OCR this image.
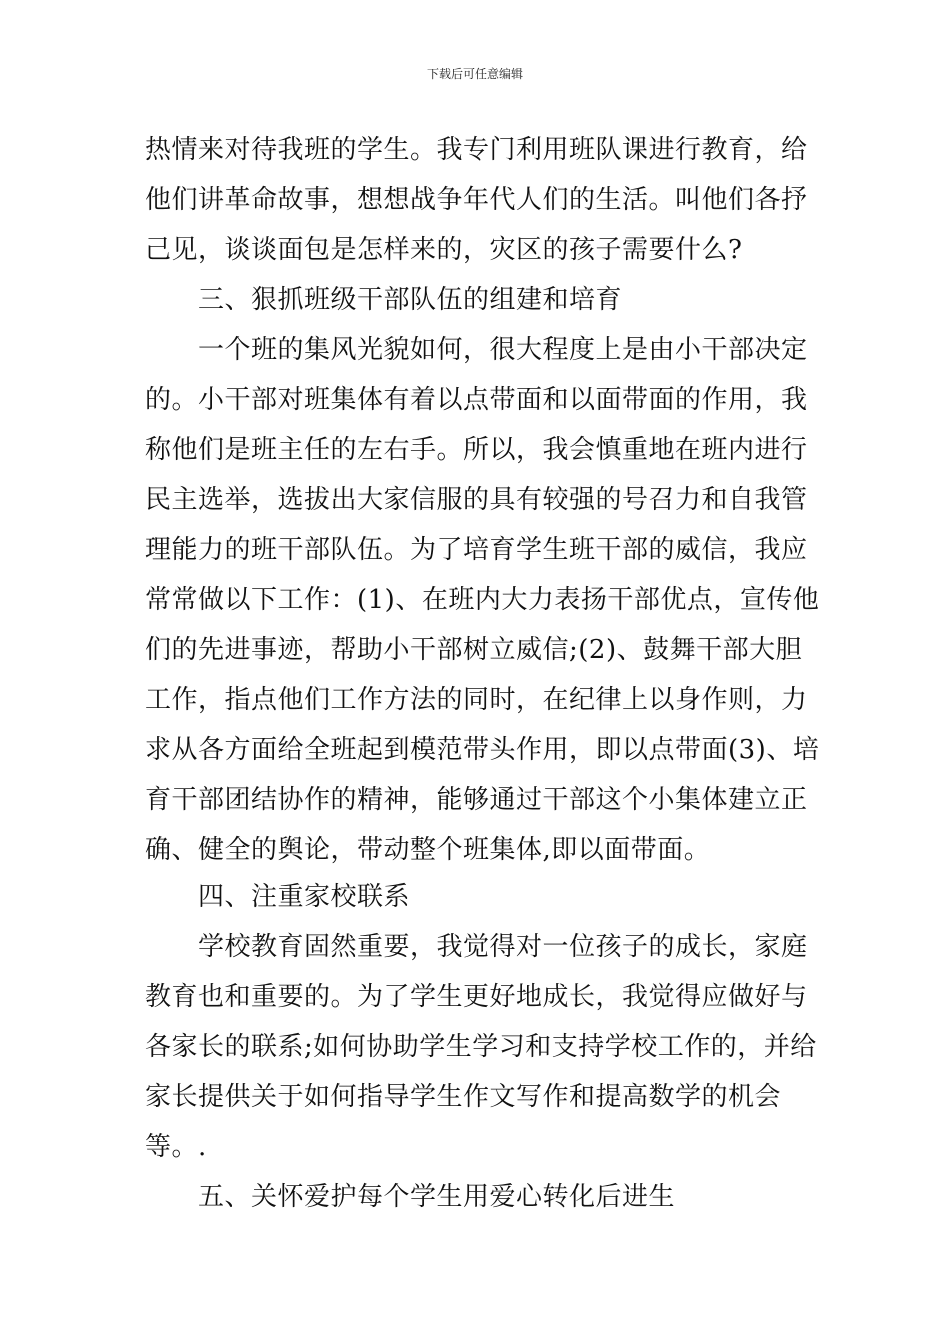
下载后可任意编辑
热情来对待我班的学生。我专门利用班队课进行教育，给
他们讲革命故事，想想战争年代人们的生活。叫他们各抒
己见，谈谈面包是怎样来的，灾区的孩子需要什么?
　　三、狠抓班级干部队伍的组建和培育
　　一个班的集风光貌如何，很大程度上是由小干部决定
的。小干部对班集体有着以点带面和以面带面的作用，我
称他们是班主任的左右手。所以，我会慎重地在班内进行
民主选举，选拔出大家信服的具有较强的号召力和自我管
理能力的班干部队伍。为了培育学生班干部的威信，我应
常常做以下工作：(1)、在班内大力表扬干部优点，宣传他
们的先进事迹，帮助小干部树立威信;(2)、鼓舞干部大胆
工作，指点他们工作方法的同时，在纪律上以身作则，力
求从各方面给全班起到模范带头作用，即以点带面(3)、培
育干部团结协作的精神，能够通过干部这个小集体建立正
确、健全的舆论，带动整个班集体,即以面带面。
　　四、注重家校联系
　　学校教育固然重要，我觉得对一位孩子的成长，家庭
教育也和重要的。为了学生更好地成长，我觉得应做好与
各家长的联系;如何协助学生学习和支持学校工作的，并给
家长提供关于如何指导学生作文写作和提高数学的机会
等。.
　　五、关怀爱护每个学生用爱心转化后进生
